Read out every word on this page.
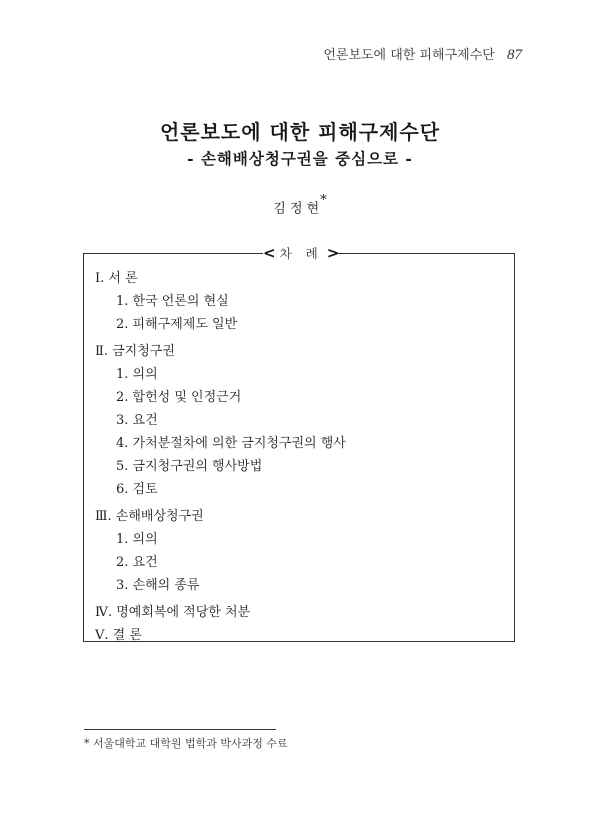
언론보도에 대한 피해구제수단 87
언론보도에 대한 피해구제수단
- 손해배상청구권을 중심으로 -
김 정 현*
< 차 례 >
Ⅰ. 서 론
1. 한국 언론의 현실
2. 피해구제제도 일반
Ⅱ. 금지청구권
1. 의의
2. 합헌성 및 인정근거
3. 요건
4. 가처분절차에 의한 금지청구권의 행사
5. 금지청구권의 행사방법
6. 검토
Ⅲ. 손해배상청구권
1. 의의
2. 요건
3. 손해의 종류
Ⅳ. 명예회복에 적당한 처분
Ⅴ. 결 론
* 서울대학교 대학원 법학과 박사과정 수료
